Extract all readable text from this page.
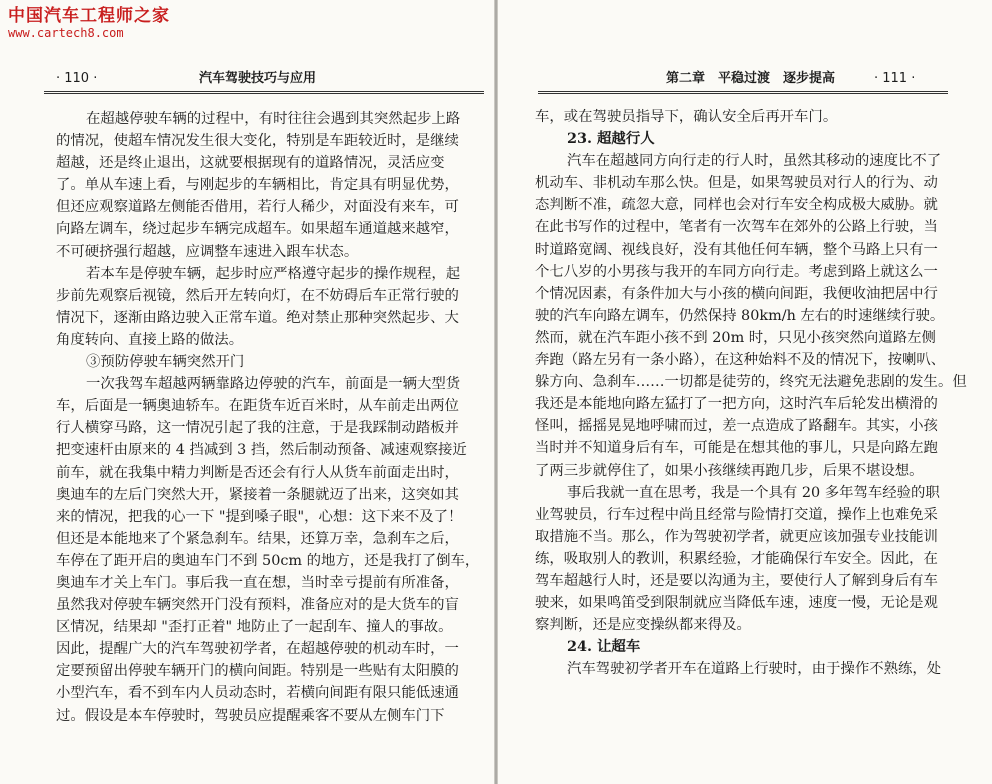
中国汽车工程师之家
www.cartech8.com
· 110 ·	汽车驾驶技巧与应用	第二章　平稳过渡　逐步提高	· 111 ·
在超越停驶车辆的过程中，有时往往会遇到其突然起步上路
的情况，使超车情况发生很大变化，特别是车距较近时，是继续
超越，还是终止退出，这就要根据现有的道路情况，灵活应变
了。单从车速上看，与刚起步的车辆相比，肯定具有明显优势，
但还应观察道路左侧能否借用，若行人稀少，对面没有来车，可
向路左调车，绕过起步车辆完成超车。如果超车通道越来越窄，
不可硬挤强行超越，应调整车速进入跟车状态。
若本车是停驶车辆，起步时应严格遵守起步的操作规程，起
步前先观察后视镜，然后开左转向灯，在不妨碍后车正常行驶的
情况下，逐渐由路边驶入正常车道。绝对禁止那种突然起步、大
角度转向、直接上路的做法。
③预防停驶车辆突然开门
一次我驾车超越两辆靠路边停驶的汽车，前面是一辆大型货
车，后面是一辆奥迪轿车。在距货车近百米时，从车前走出两位
行人横穿马路，这一情况引起了我的注意，于是我踩制动踏板并
把变速杆由原来的 4 挡减到 3 挡，然后制动预备、减速观察接近
前车，就在我集中精力判断是否还会有行人从货车前面走出时，
奥迪车的左后门突然大开，紧接着一条腿就迈了出来，这突如其
来的情况，把我的心一下 "提到嗓子眼"，心想：这下来不及了！
但还是本能地来了个紧急刹车。结果，还算万幸，急刹车之后，
车停在了距开启的奥迪车门不到 50cm 的地方，还是我打了倒车，
奥迪车才关上车门。事后我一直在想，当时幸亏提前有所准备，
虽然我对停驶车辆突然开门没有预料，准备应对的是大货车的盲
区情况，结果却 "歪打正着" 地防止了一起刮车、撞人的事故。
因此，提醒广大的汽车驾驶初学者，在超越停驶的机动车时，一
定要预留出停驶车辆开门的横向间距。特别是一些贴有太阳膜的
小型汽车，看不到车内人员动态时，若横向间距有限只能低速通
过。假设是本车停驶时，驾驶员应提醒乘客不要从左侧车门下
车，或在驾驶员指导下，确认安全后再开车门。
23. 超越行人
汽车在超越同方向行走的行人时，虽然其移动的速度比不了
机动车、非机动车那么快。但是，如果驾驶员对行人的行为、动
态判断不准，疏忽大意，同样也会对行车安全构成极大威胁。就
在此书写作的过程中，笔者有一次驾车在郊外的公路上行驶，当
时道路宽阔、视线良好，没有其他任何车辆，整个马路上只有一
个七八岁的小男孩与我开的车同方向行走。考虑到路上就这么一
个情况因素，有条件加大与小孩的横向间距，我便收油把居中行
驶的汽车向路左调车，仍然保持 80km/h 左右的时速继续行驶。
然而，就在汽车距小孩不到 20m 时，只见小孩突然向道路左侧
奔跑（路左另有一条小路），在这种始料不及的情况下，按喇叭、
躲方向、急刹车……一切都是徒劳的，终究无法避免悲剧的发生。但
我还是本能地向路左猛打了一把方向，这时汽车后轮发出横滑的
怪叫，摇摇晃晃地呼啸而过，差一点造成了路翻车。其实，小孩
当时并不知道身后有车，可能是在想其他的事儿，只是向路左跑
了两三步就停住了，如果小孩继续再跑几步，后果不堪设想。
事后我就一直在思考，我是一个具有 20 多年驾车经验的职
业驾驶员，行车过程中尚且经常与险情打交道，操作上也难免采
取措施不当。那么，作为驾驶初学者，就更应该加强专业技能训
练，吸取别人的教训，积累经验，才能确保行车安全。因此，在
驾车超越行人时，还是要以沟通为主，要使行人了解到身后有车
驶来，如果鸣笛受到限制就应当降低车速，速度一慢，无论是观
察判断，还是应变操纵都来得及。
24. 让超车
汽车驾驶初学者开车在道路上行驶时，由于操作不熟练，处
